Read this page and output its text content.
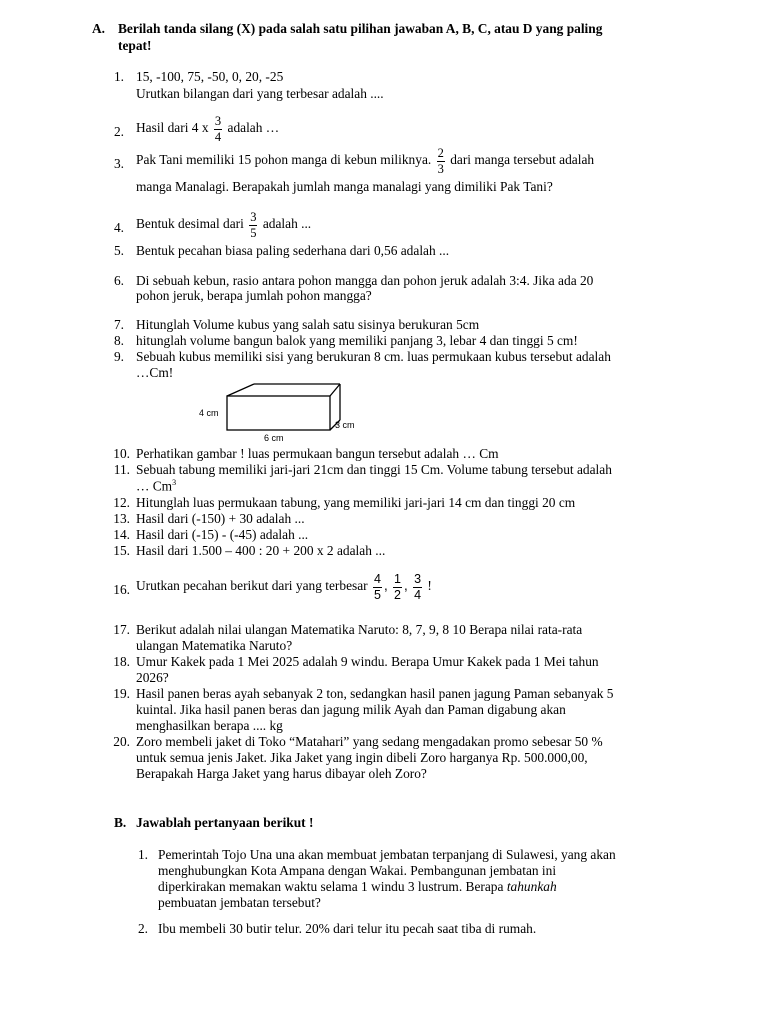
A. Berilah tanda silang (X) pada salah satu pilihan jawaban A, B, C, atau D yang paling
tepat!
1. 15, -100, 75, -50, 0, 20, -25
Urutkan bilangan dari yang terbesar adalah ....
2. Hasil dari 4 x $\frac{3}{4}$ adalah …
3. Pak Tani memiliki 15 pohon manga di kebun miliknya. $\frac{2}{3}$ dari manga tersebut adalah
manga Manalagi. Berapakah jumlah manga manalagi yang dimiliki Pak Tani?
4. Bentuk desimal dari $\frac{3}{5}$ adalah ...
5. Bentuk pecahan biasa paling sederhana dari 0,56 adalah ...
6. Di sebuah kebun, rasio antara pohon mangga dan pohon jeruk adalah 3:4. Jika ada 20
pohon jeruk, berapa jumlah pohon mangga?
7. Hitunglah Volume kubus yang salah satu sisinya berukuran 5cm
8. hitunglah volume bangun balok yang memiliki panjang 3, lebar 4 dan tinggi 5 cm!
9. Sebuah kubus memiliki sisi yang berukuran 8 cm. luas permukaan kubus tersebut adalah
…Cm!
4 cm
3 cm
6 cm
10. Perhatikan gambar ! luas permukaan bangun tersebut adalah … Cm
11. Sebuah tabung memiliki jari-jari 21cm dan tinggi 15 Cm. Volume tabung tersebut adalah
… Cm$^3$
12. Hitunglah luas permukaan tabung, yang memiliki jari-jari 14 cm dan tinggi 20 cm
13. Hasil dari (-150) + 30 adalah ...
14. Hasil dari (-15) - (-45) adalah ...
15. Hasil dari 1.500 – 400 : 20 + 200 x 2 adalah ...
16. Urutkan pecahan berikut dari yang terbesar $\frac{4}{5}$ , $\frac{1}{2}$ , $\frac{3}{4}$ !
17. Berikut adalah nilai ulangan Matematika Naruto: 8, 7, 9, 8 10 Berapa nilai rata-rata
ulangan Matematika Naruto?
18. Umur Kakek pada 1 Mei 2025 adalah 9 windu. Berapa Umur Kakek pada 1 Mei tahun
2026?
19. Hasil panen beras ayah sebanyak 2 ton, sedangkan hasil panen jagung Paman sebanyak 5
kuintal. Jika hasil panen beras dan jagung milik Ayah dan Paman digabung akan
menghasilkan berapa .... kg
20. Zoro membeli jaket di Toko “Matahari” yang sedang mengadakan promo sebesar 50 %
untuk semua jenis Jaket. Jika Jaket yang ingin dibeli Zoro harganya Rp. 500.000,00,
Berapakah Harga Jaket yang harus dibayar oleh Zoro?
B. Jawablah pertanyaan berikut !
1. Pemerintah Tojo Una una akan membuat jembatan terpanjang di Sulawesi, yang akan
menghubungkan Kota Ampana dengan Wakai. Pembangunan jembatan ini
diperkirakan memakan waktu selama 1 windu 3 lustrum. Berapa tahunkah
pembuatan jembatan tersebut?
2. Ibu membeli 30 butir telur. 20% dari telur itu pecah saat tiba di rumah.
